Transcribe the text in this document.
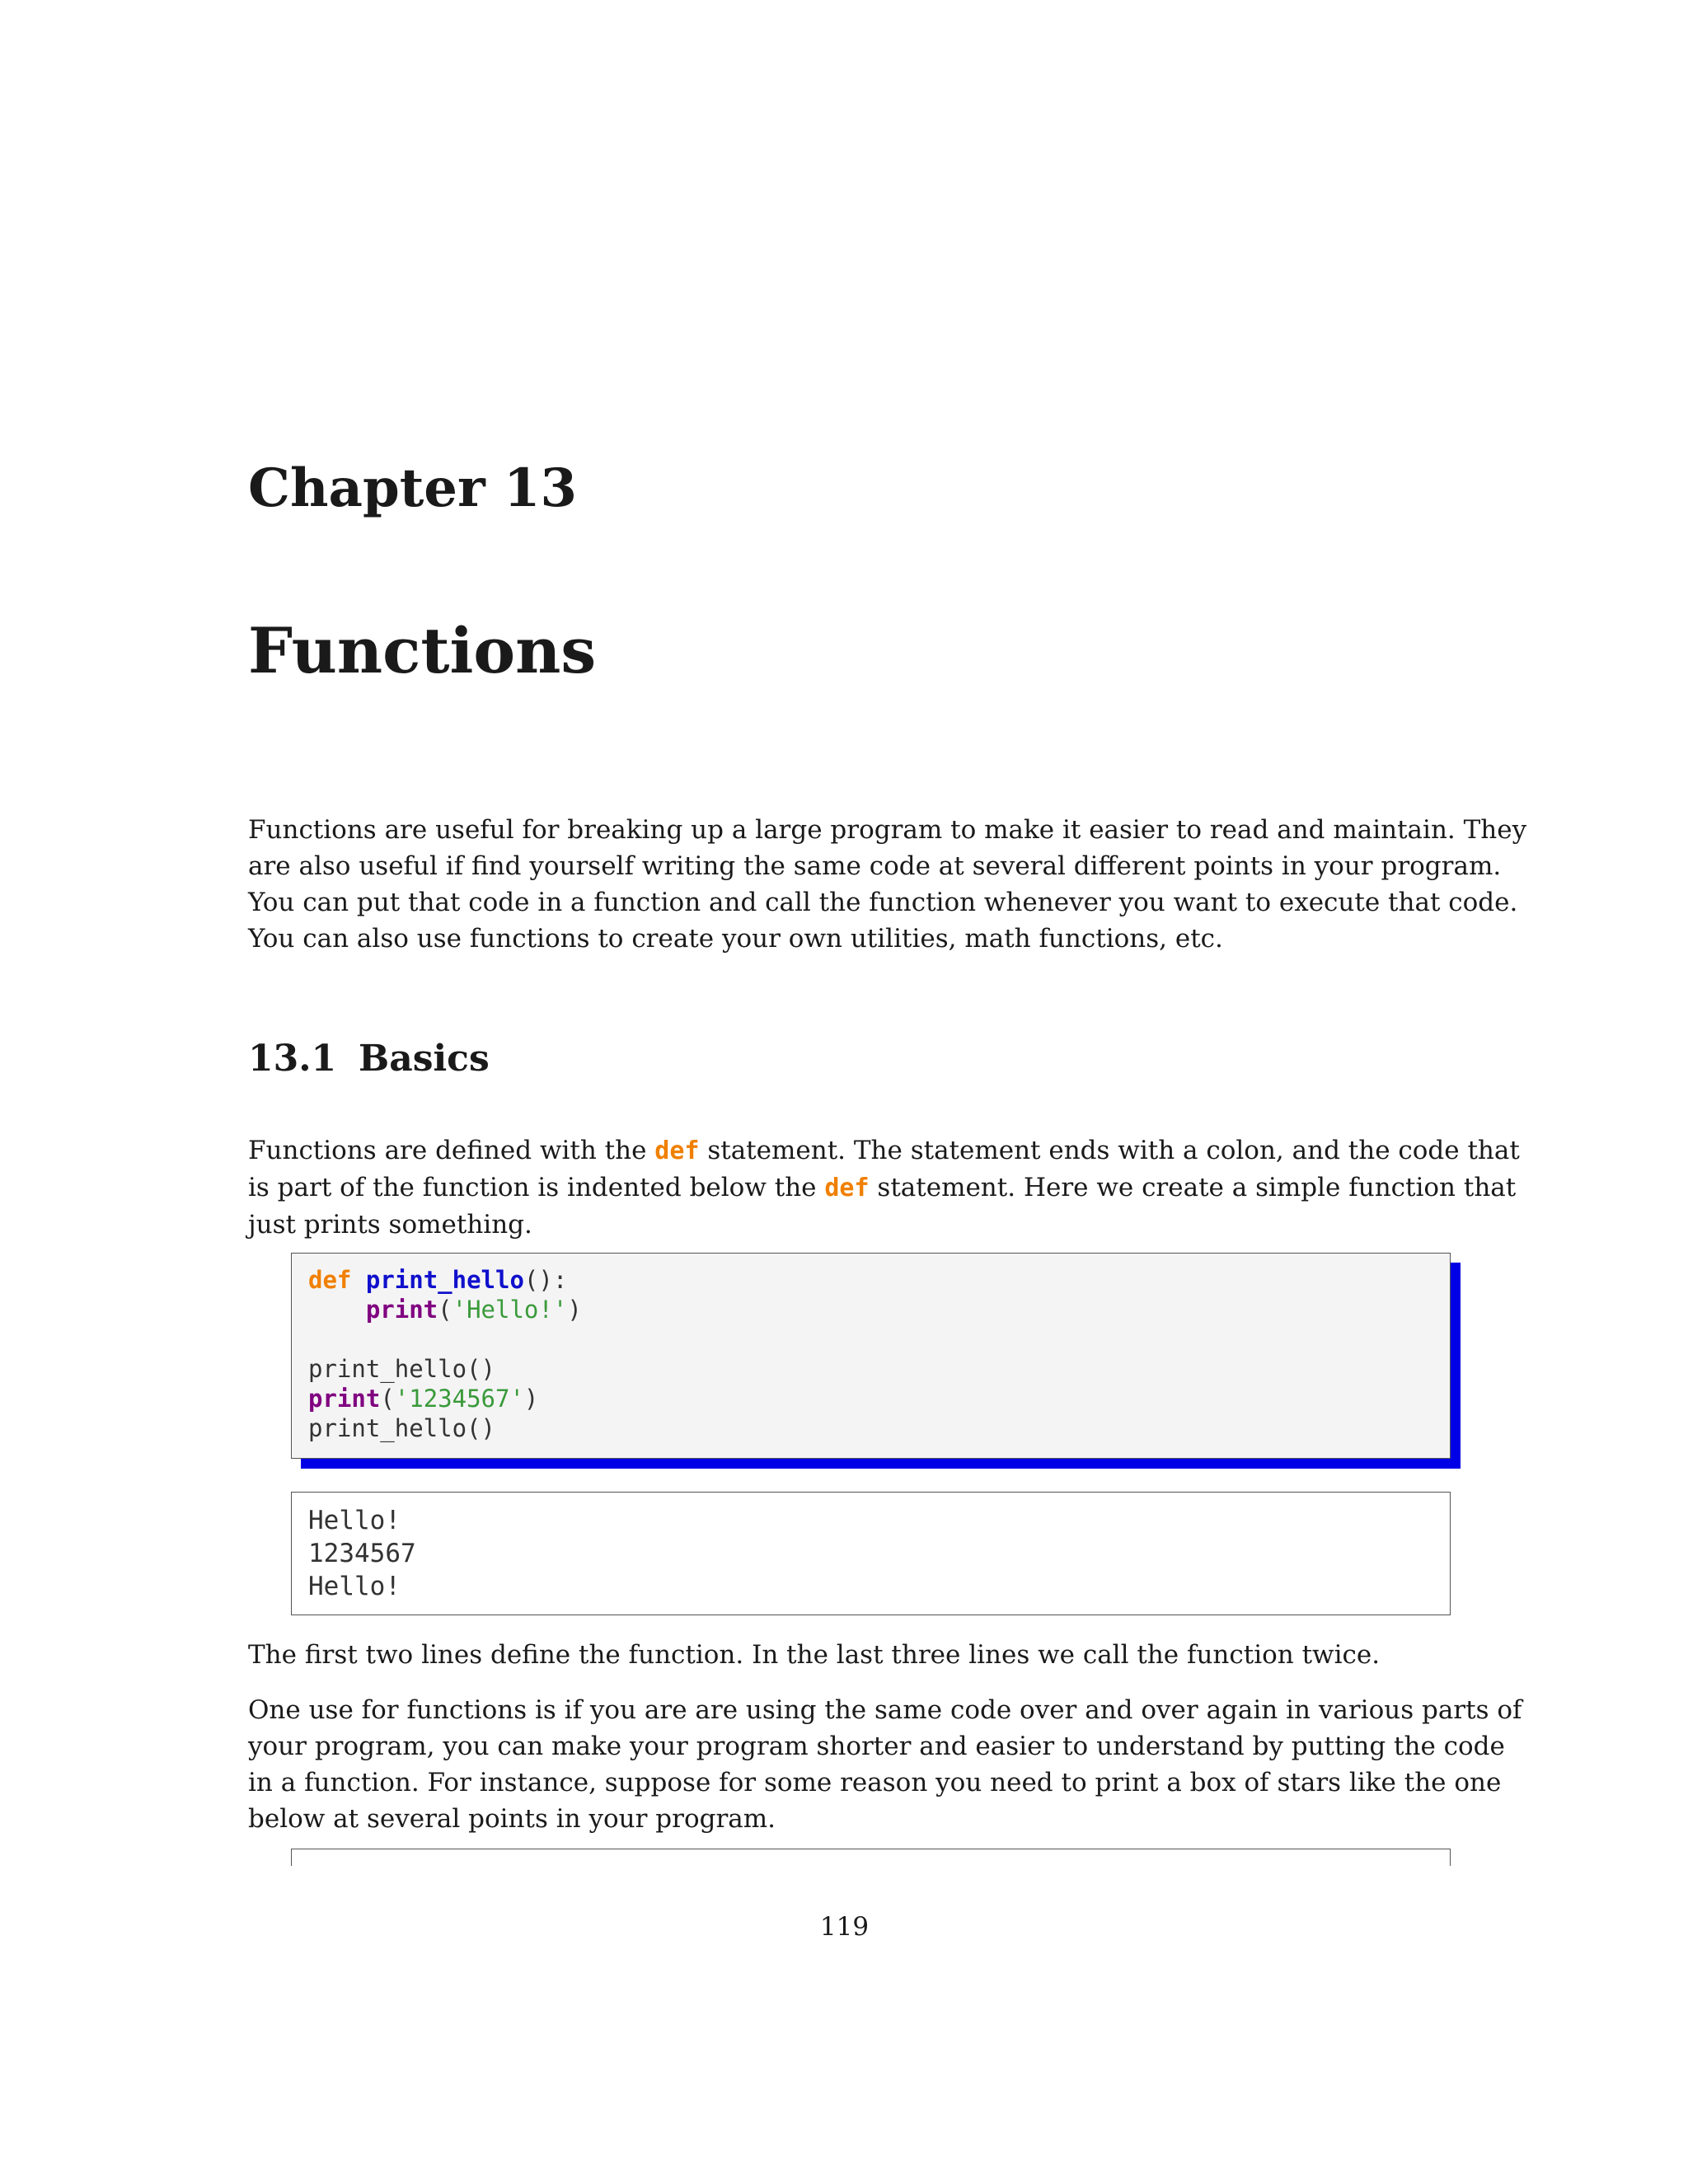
Chapter 13
Functions

Functions are useful for breaking up a large program to make it easier to read and maintain. They
are also useful if find yourself writing the same code at several different points in your program.
You can put that code in a function and call the function whenever you want to execute that code.
You can also use functions to create your own utilities, math functions, etc.

13.1 Basics

Functions are defined with the def statement. The statement ends with a colon, and the code that
is part of the function is indented below the def statement. Here we create a simple function that
just prints something.

def print_hello():
print('Hello!')

print_hello()
print('1234567')
print_hello()
Hello!
1234567
Hello!

The first two lines define the function. In the last three lines we call the function twice.

One use for functions is if you are are using the same code over and over again in various parts of
your program, you can make your program shorter and easier to understand by putting the code
in a function. For instance, suppose for some reason you need to print a box of stars like the one
below at several points in your program.

119
